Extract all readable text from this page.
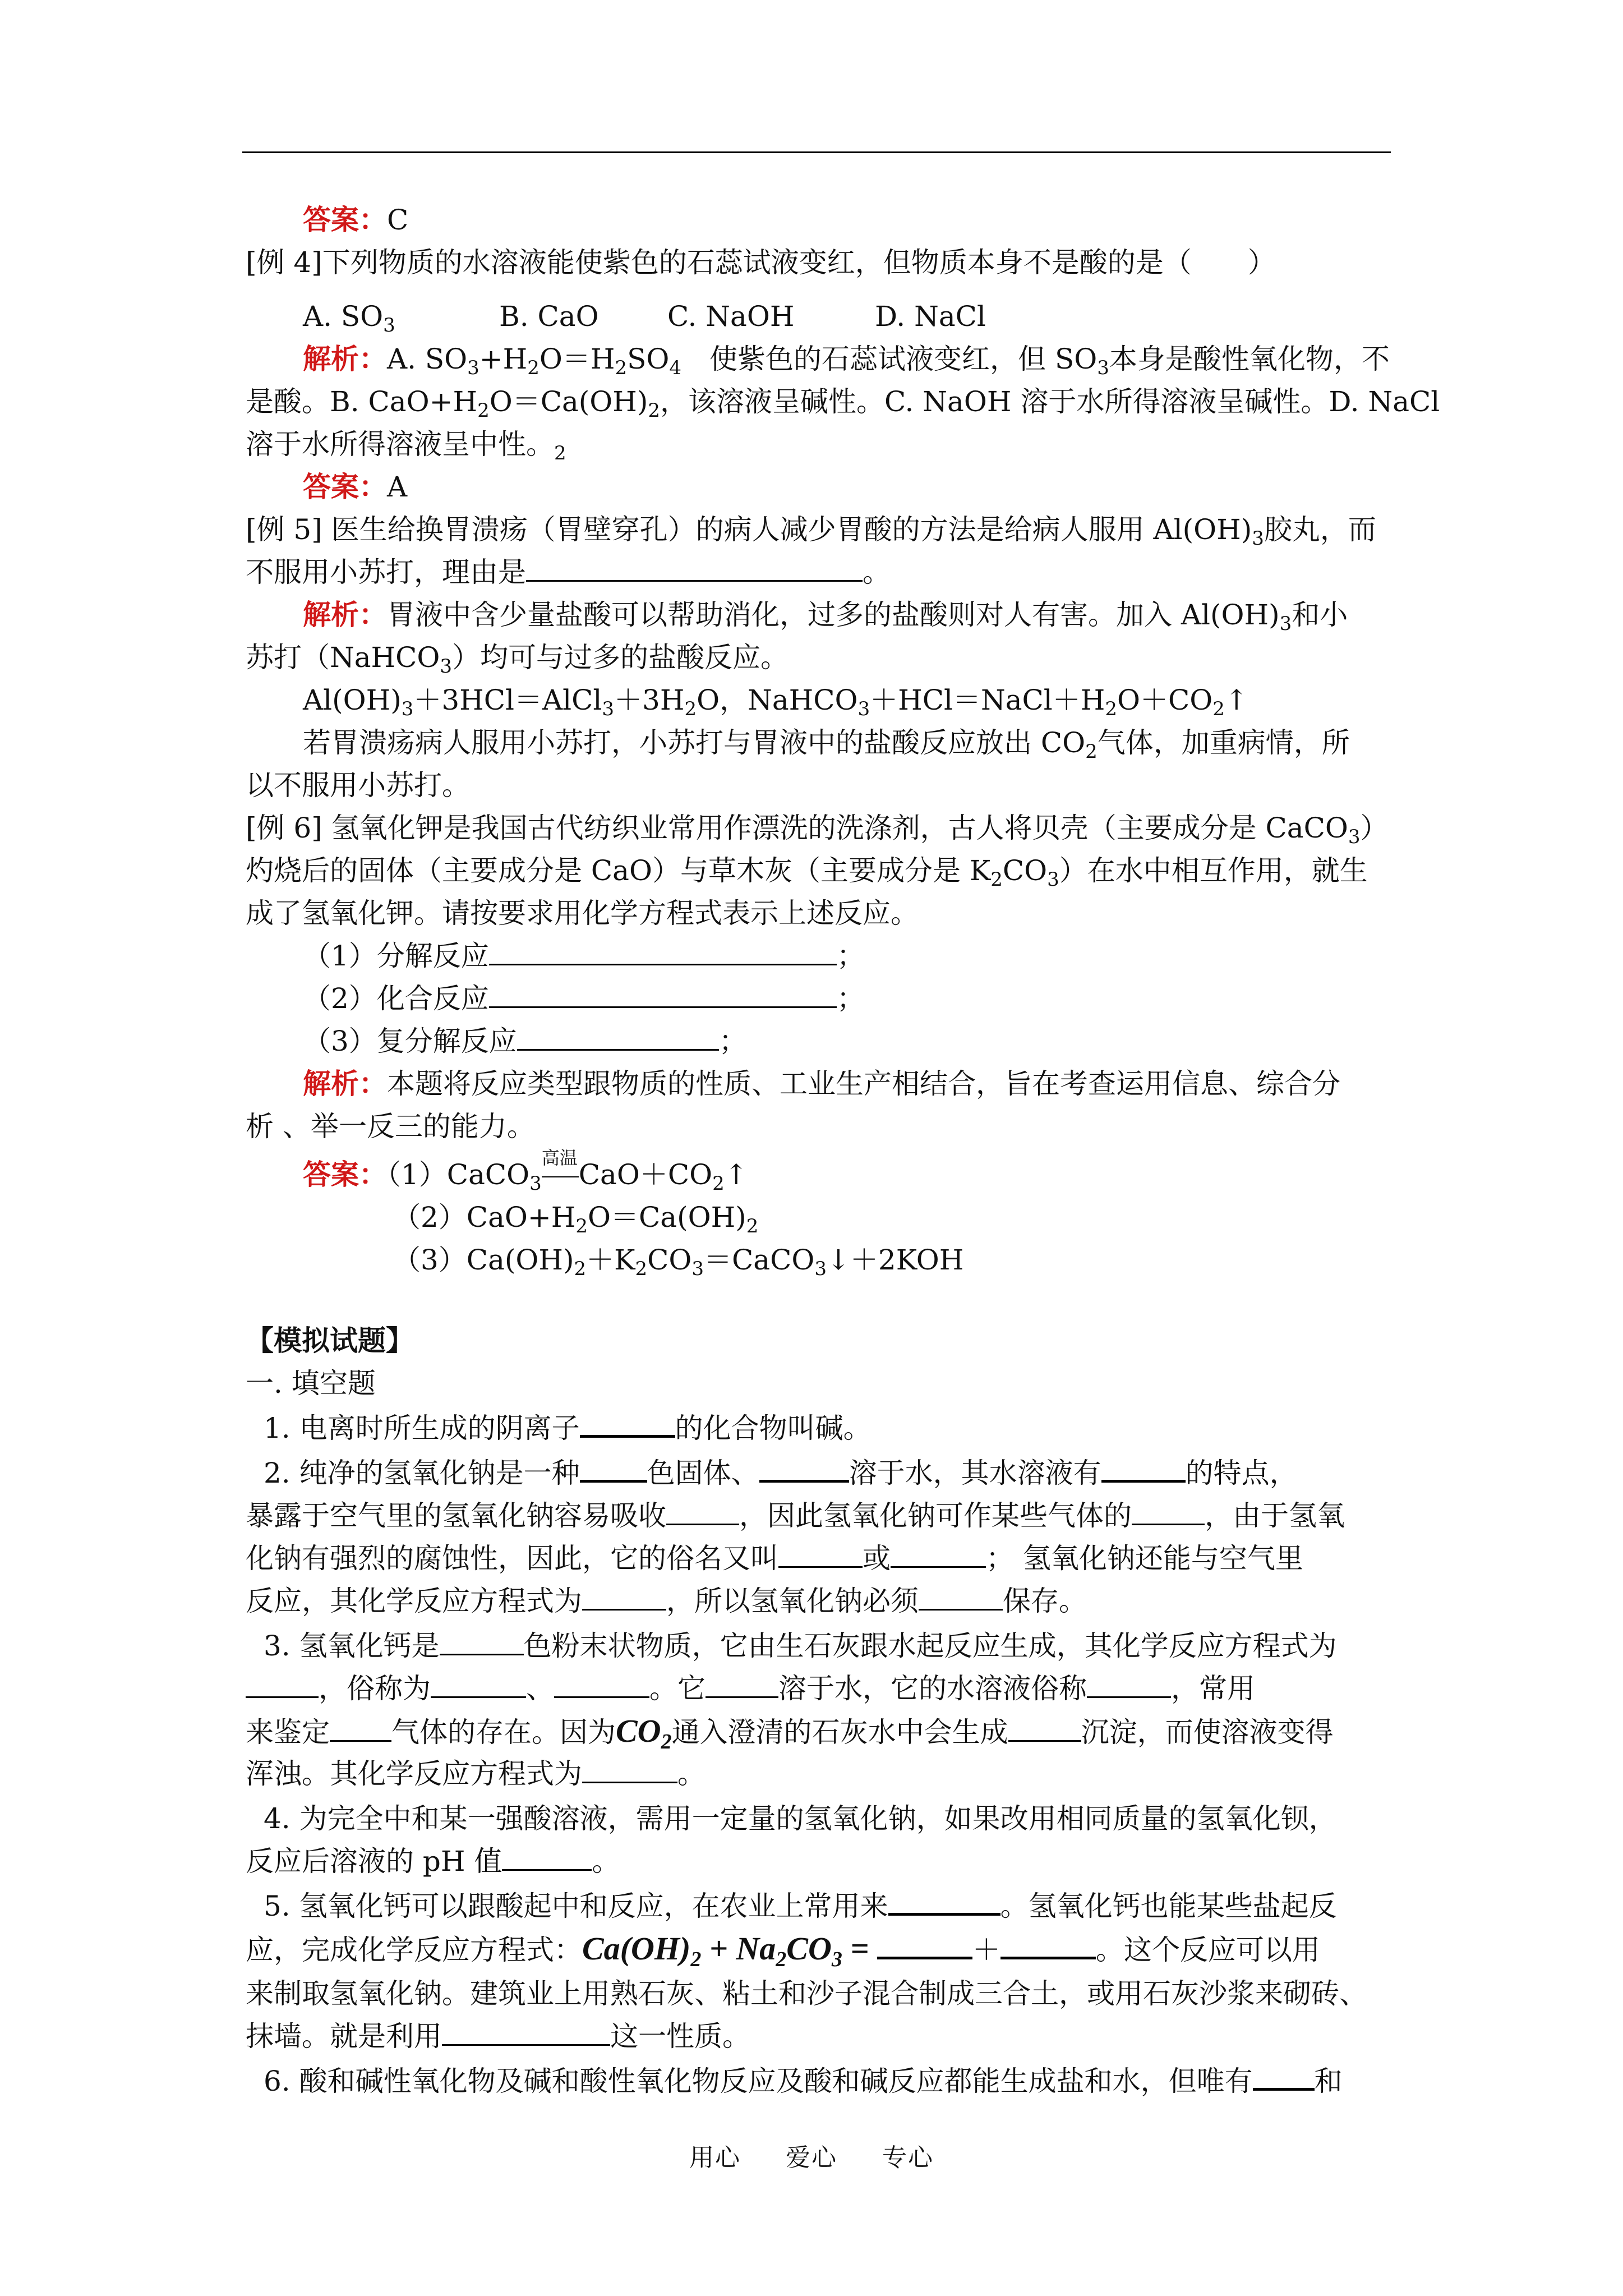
答案：C
[例 4]下列物质的水溶液能使紫色的石蕊试液变红，但物质本身不是酸的是（　　）
A. $SO_3$	B. CaO C. NaOH	D. NaCl
解析：A. $SO_3+H_2O=H_2SO_4$　使紫色的石蕊试液变红，但 $SO_3$本身是酸性氧化物，不
是酸。B. $CaO+H_2O=Ca(OH)_2$，该溶液呈碱性。C. NaOH 溶于水所得溶液呈碱性。D. NaCl
溶于水所得溶液呈中性。$_2$
答案：A
[例 5] 医生给换胃溃疡（胃壁穿孔）的病人减少胃酸的方法是给病人服用 $Al(OH)_3$胶丸，而
不服用小苏打，理由是	。
解析：胃液中含少量盐酸可以帮助消化，过多的盐酸则对人有害。加入 $Al(OH)_3$和小
苏打（NaHCO$_3$）均可与过多的盐酸反应。
$Al(OH)_3+3HCl=AlCl_3+3H_2O$，$NaHCO_3+HCl=NaCl+H_2O+CO_2↑$
若胃溃疡病人服用小苏打，小苏打与胃液中的盐酸反应放出 $CO_2$气体，加重病情，所
以不服用小苏打。
[例 6] 氢氧化钾是我国古代纺织业常用作漂洗的洗涤剂，古人将贝壳（主要成分是 CaCO$_3$）
灼烧后的固体（主要成分是 CaO）与草木灰（主要成分是 $K_2CO_3$）在水中相互作用，就生
成了氢氧化钾。请按要求用化学方程式表示上述反应。
（1）分解反应	；
（2）化合反应	；
（3）复分解反应	；
解析：本题将反应类型跟物质的性质、工业生产相结合，旨在考查运用信息、综合分
析 、举一反三的能力。
答案：（1）CaCO$_3$
高温
$CaO+CO_2↑$
$(2)CaO+H_2O=Ca(OH)_2$
$(3)Ca(OH)_2+K_2CO_3=CaCO_3↓+2KOH$
【模拟试题】
一. 填空题
1. 电离时所生成的阴离子	的化合物叫碱。
2. 纯净的氢氧化钠是一种 色固体、	溶于水，其水溶液有	的特点，
暴露于空气里的氢氧化钠容易吸收	，因此氢氧化钠可作某些气体的	，由于氢氧
化钠有强烈的腐蚀性，因此，它的俗名又叫	或	； 氢氧化钠还能与空气里
反应，其化学反应方程式为	，所以氢氧化钠必须	保存。
3. 氢氧化钙是	色粉末状物质，它由生石灰跟水起反应生成，其化学反应方程式为
，俗称为	、	。它	溶于水，它的水溶液俗称	，常用
来鉴定 气体的存在。因为$CO_2$通入澄清的石灰水中会生成	沉淀，而使溶液变得
浑浊。其化学反应方程式为	。
4. 为完全中和某一强酸溶液，需用一定量的氢氧化钠，如果改用相同质量的氢氧化钡，
反应后溶液的 pH 值	。
5. 氢氧化钙可以跟酸起中和反应，在农业上常用来	。氢氧化钙也能某些盐起反
应，完成化学反应方程式：$Ca(OH)_2 + Na_2CO_3$ =	＋	。这个反应可以用
来制取氢氧化钠。建筑业上用熟石灰、粘土和沙子混合制成三合土，或用石灰沙浆来砌砖、
抹墙。就是利用	这一性质。
6. 酸和碱性氧化物及碱和酸性氧化物反应及酸和碱反应都能生成盐和水，但唯有 和
用心 爱心 专心
